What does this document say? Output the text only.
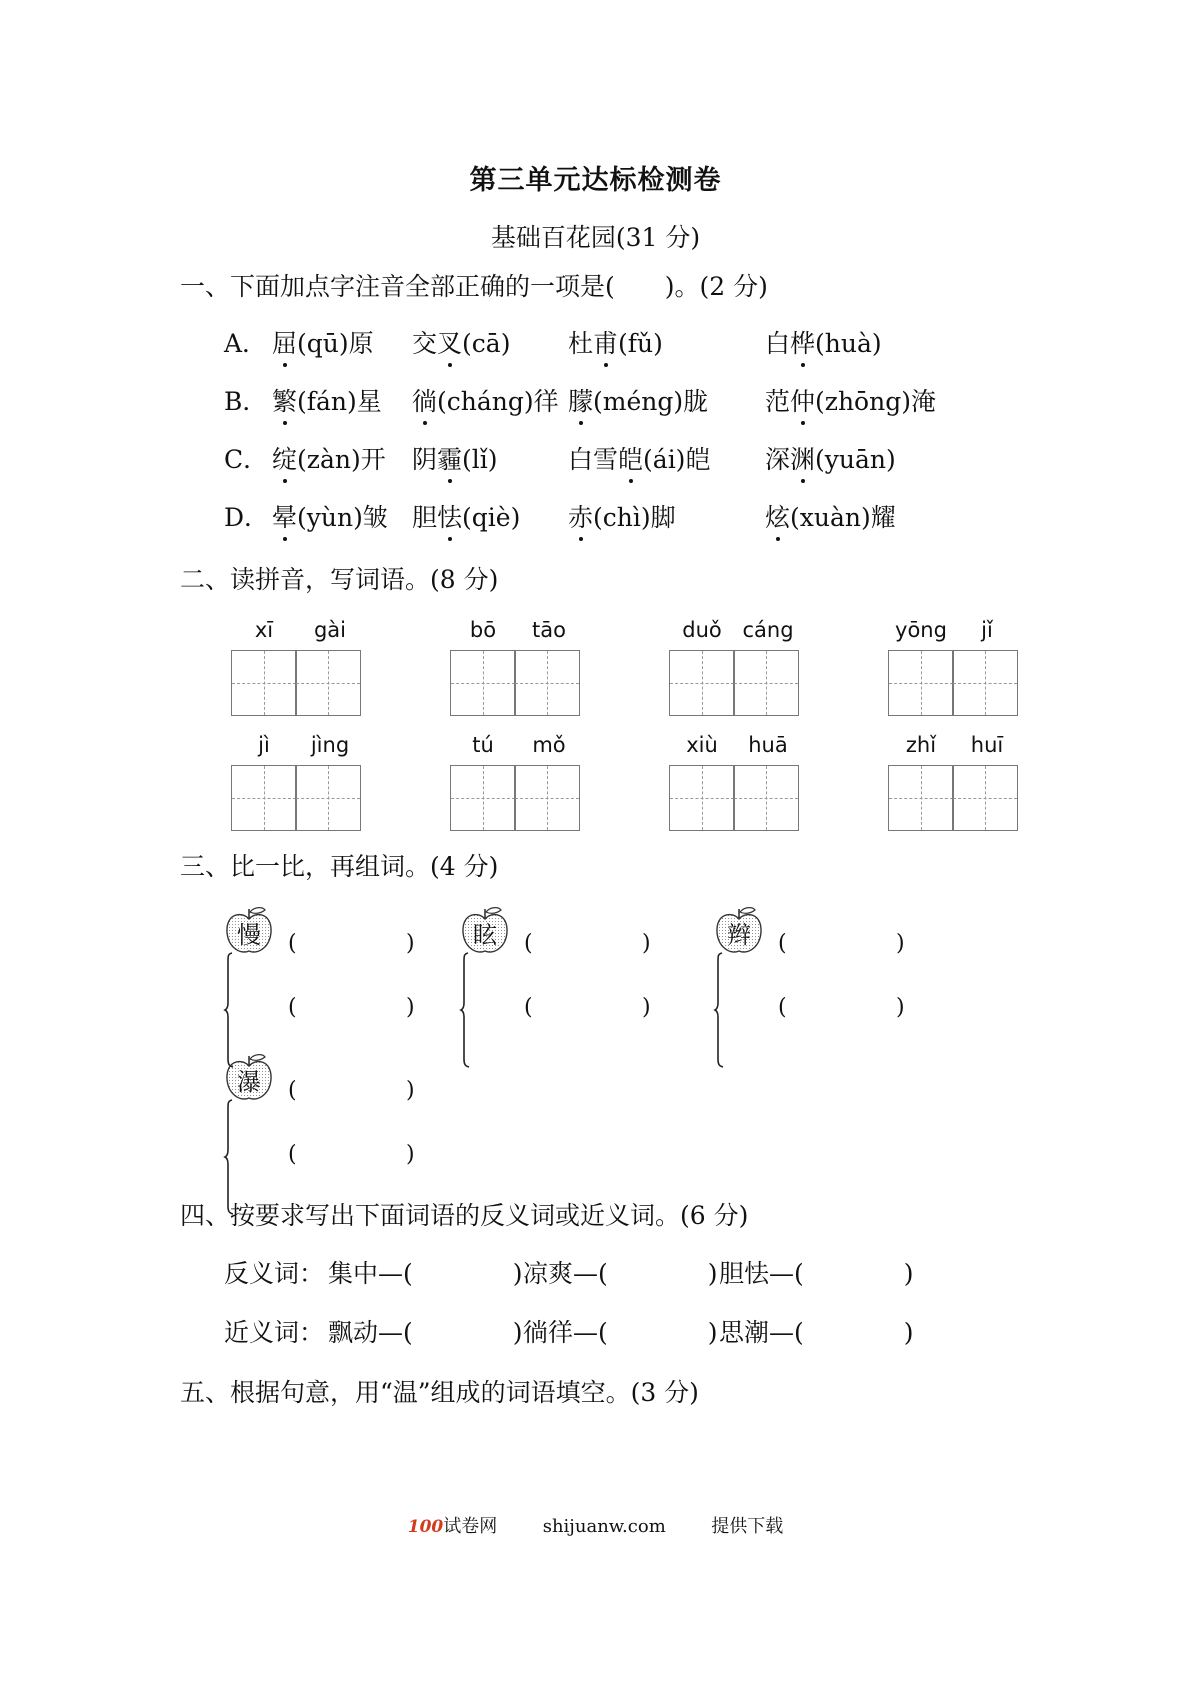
第三单元达标检测卷
基础百花园(31 分)
一、下面加点字注音全部正确的一项是(　　)。(2 分)
A． 屈(qū)原 交叉(cā) 杜甫(fǔ)	白桦(huà)
B． 繁(fán)星 徜(cháng)徉 朦(méng)胧 范仲(zhōng)淹
C． 绽(zàn)开 阴霾(lǐ)	白雪皑(ái)皑 深渊(yuān)
D． 晕(yùn)皱 胆怯(qiè) 赤(chì)脚	炫(xuàn)耀
二、读拼音，写词语。(8 分)
xī	gài	bō	tāo	duǒ cáng	yōng	jǐ
jì	jìng	tú	mǒ	xiù	huā	zhǐ	huī
三、比一比，再组词。(4 分)
慢	(	)
(	)
眩	(	)
(	)
辫	(	)
(	)
瀑	(	)
(	)
四、按要求写出下面词语的反义词或近义词。(6 分)
反义词： 集中—(　　　　) 凉爽—(　　　　) 胆怯—(　　　　)
近义词： 飘动—(　　　　) 徜徉—(　　　　) 思潮—(　　　　)
五、根据句意，用“温”组成的词语填空。(3 分)
100试卷网	shijuanw.com	提供下载
